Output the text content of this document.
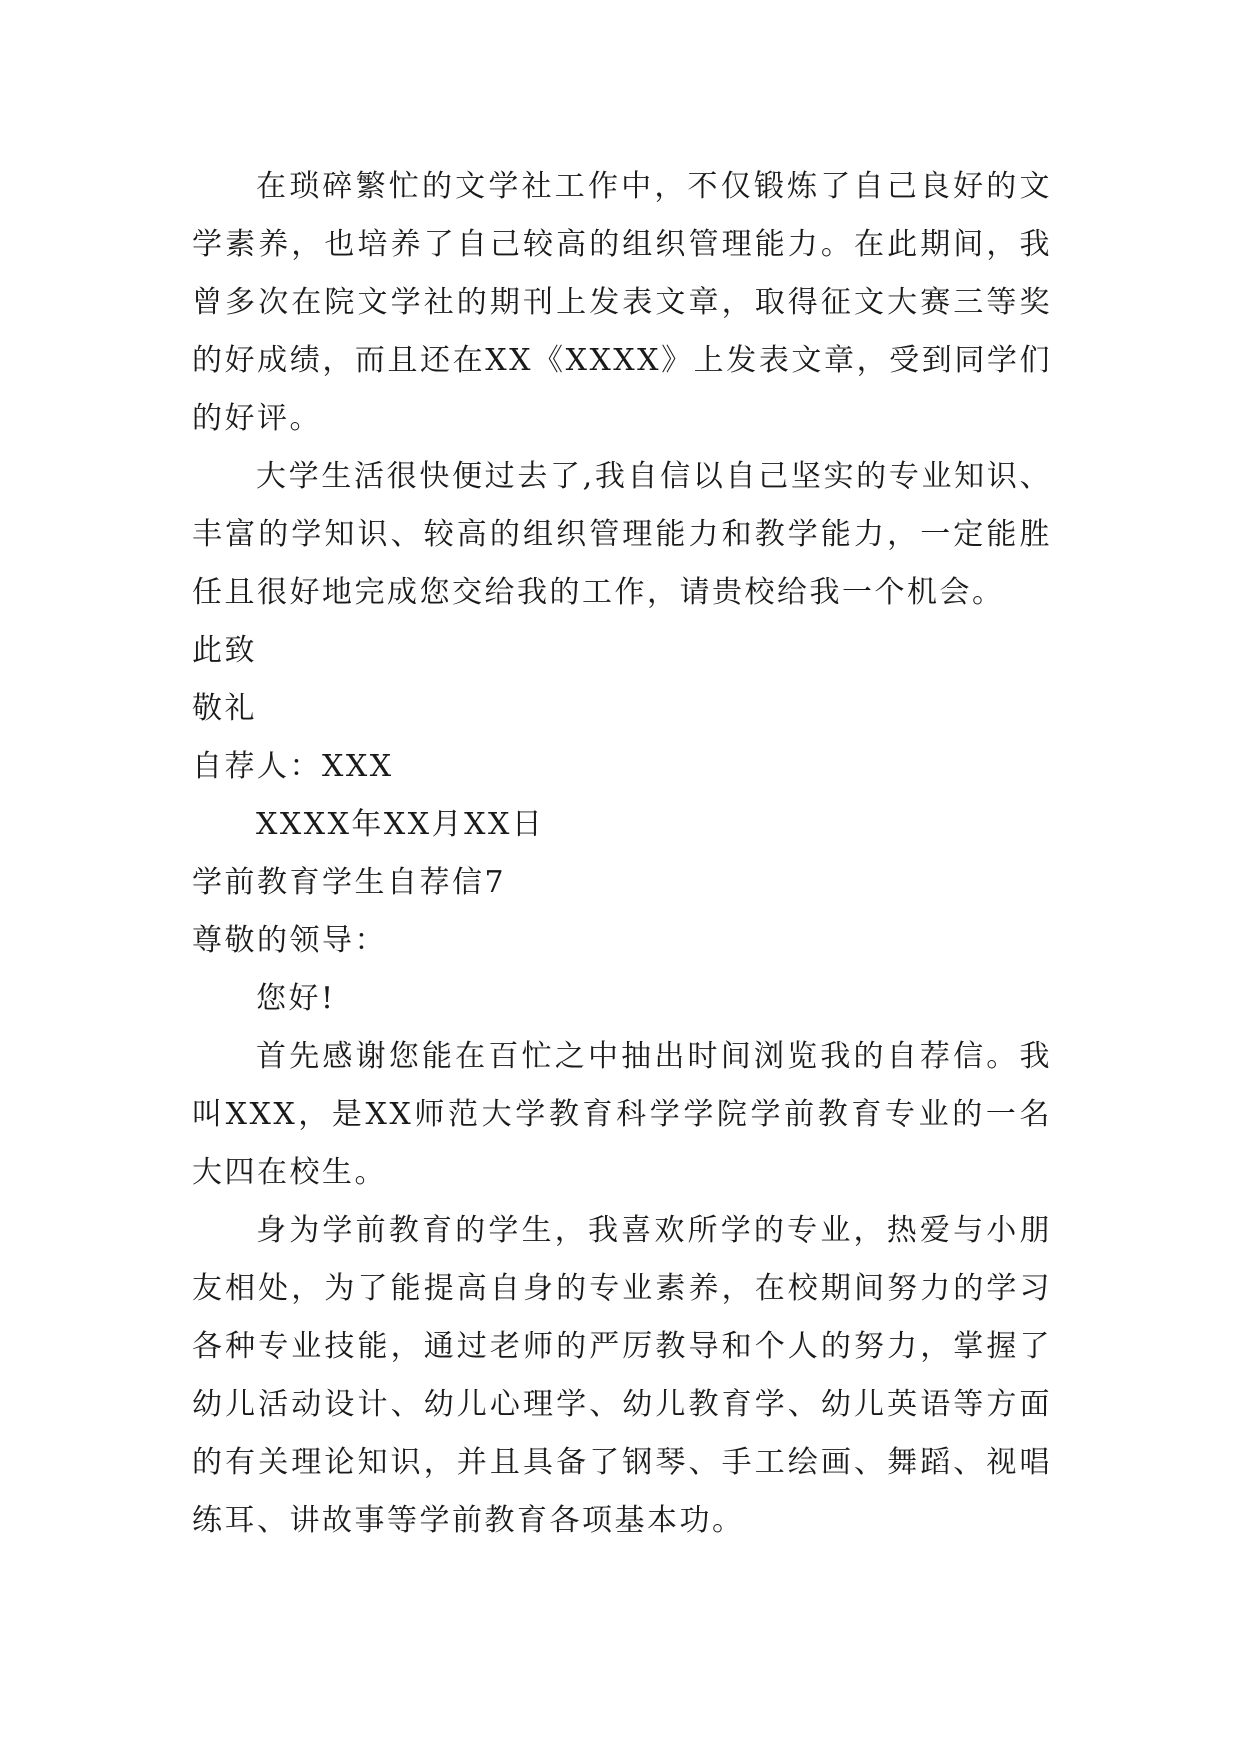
在琐碎繁忙的文学社工作中，不仅锻炼了自己良好的文学素养，也培养了自己较高的组织管理能力。在此期间，我曾多次在院文学社的期刊上发表文章，取得征文大赛三等奖的好成绩，而且还在XX《XXXX》上发表文章，受到同学们的好评。

大学生活很快便过去了,我自信以自己坚实的专业知识、丰富的学知识、较高的组织管理能力和教学能力，一定能胜任且很好地完成您交给我的工作，请贵校给我一个机会。

此致

敬礼

自荐人：XXX

XXXX年XX月XX日

学前教育学生自荐信7

尊敬的领导：

您好!

首先感谢您能在百忙之中抽出时间浏览我的自荐信。我叫XXX，是XX师范大学教育科学学院学前教育专业的一名大四在校生。

身为学前教育的学生，我喜欢所学的专业，热爱与小朋友相处，为了能提高自身的专业素养，在校期间努力的学习各种专业技能，通过老师的严厉教导和个人的努力，掌握了幼儿活动设计、幼儿心理学、幼儿教育学、幼儿英语等方面的有关理论知识，并且具备了钢琴、手工绘画、舞蹈、视唱练耳、讲故事等学前教育各项基本功。
